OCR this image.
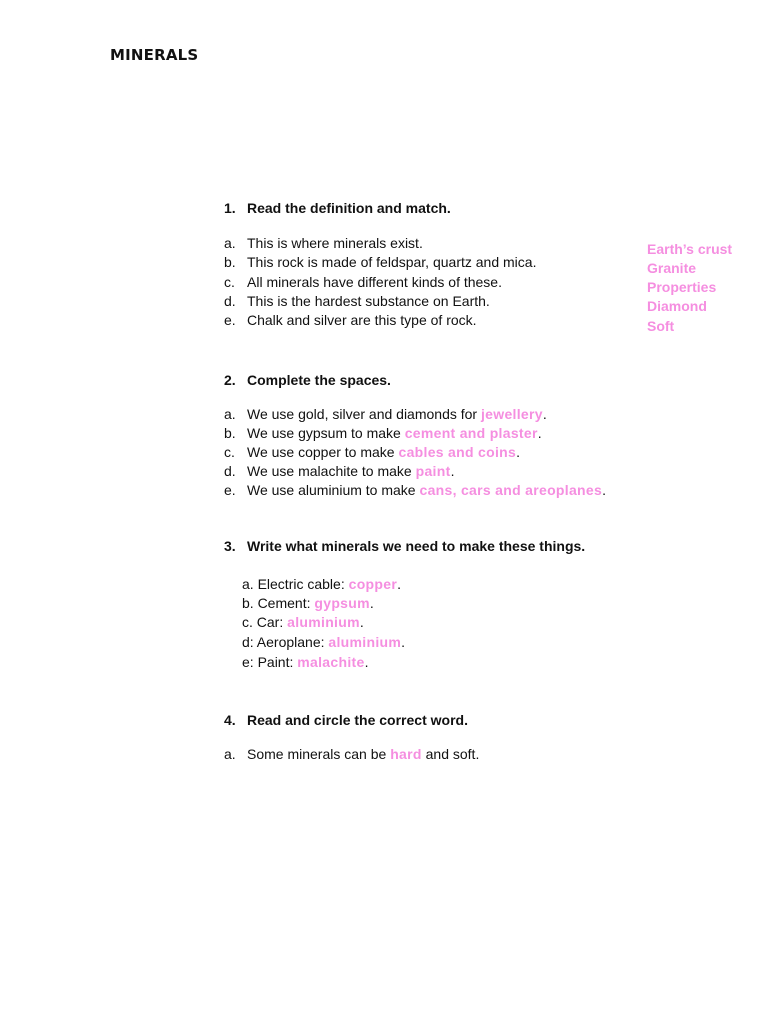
MINERALS
1. Read the definition and match.
a. This is where minerals exist.
b. This rock is made of feldspar, quartz and mica.
c. All minerals have different kinds of these.
d. This is the hardest substance on Earth.
e. Chalk and silver are this type of rock.
Earth’s crust
Granite
Properties
Diamond
Soft
2. Complete the spaces.
a. We use gold, silver and diamonds for jewellery.
b. We use gypsum to make cement and plaster.
c. We use copper to make cables and coins.
d. We use malachite to make paint.
e. We use aluminium to make cans, cars and areoplanes.
3. Write what minerals we need to make these things.
a. Electric cable: copper.
b. Cement: gypsum.
c. Car: aluminium.
d: Aeroplane: aluminium.
e: Paint: malachite.
4. Read and circle the correct word.
a. Some minerals can be hard and soft.
